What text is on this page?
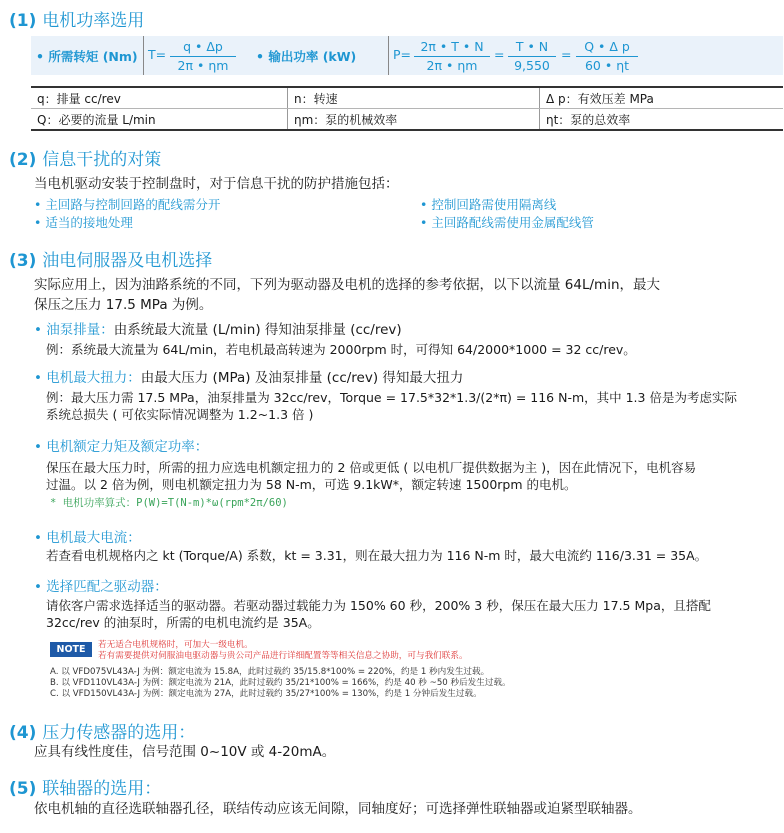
(1) 电机功率选用
• 所需转矩 (Nm) $T= \frac{q • \Delta p}{2\pi • \eta m}$ • 输出功率 (kW)	$P= \frac{2\pi • T • N}{2\pi • \eta m} = \frac{T • N}{9,550} = \frac{\text{Q • Δ p}}{60 • \eta t}$
q：排量 cc/rev	n：转速	Δ p：有效压差 MPa
Q：必要的流量 L/min	ηm：泵的机械效率	ηt：泵的总效率
(2) 信息干扰的对策
当电机驱动安装于控制盘时，对于信息干扰的防护措施包括：
• 主回路与控制回路的配线需分开	• 控制回路需使用隔离线
• 适当的接地处理	• 主回路配线需使用金属配线管
(3) 油电伺服器及电机选择
实际应用上，因为油路系统的不同，下列为驱动器及电机的选择的参考依据，以下以流量 64L/min，最大
保压之压力 17.5 MPa 为例。
• 油泵排量：由系统最大流量 (L/min) 得知油泵排量 (cc/rev)
例：系统最大流量为 64L/min，若电机最高转速为 2000rpm 时，可得知 64/2000*1000 = 32 cc/rev。
• 电机最大扭力：由最大压力 (MPa) 及油泵排量 (cc/rev) 得知最大扭力
例：最大压力需 17.5 MPa，油泵排量为 32cc/rev，Torque = 17.5*32*1.3/(2*π) = 116 N-m，其中 1.3 倍是为考虑实际
系统总损失 ( 可依实际情况调整为 1.2~1.3 倍 )
• 电机额定力矩及额定功率：
保压在最大压力时，所需的扭力应选电机额定扭力的 2 倍或更低 ( 以电机厂提供数据为主 )，因在此情况下，电机容易
过温。以 2 倍为例，则电机额定扭力为 58 N-m，可选 9.1kW*，额定转速 1500rpm 的电机。
* 电机功率算式：P(W)=T(N-m)*ω(rpm*2π/60)
• 电机最大电流：
若查看电机规格内之 kt (Torque/A) 系数，kt = 3.31，则在最大扭力为 116 N-m 时，最大电流约 116/3.31 = 35A。
• 选择匹配之驱动器：
请依客户需求选择适当的驱动器。若驱动器过载能力为 150% 60 秒，200% 3 秒，保压在最大压力 17.5 Mpa，且搭配
32cc/rev 的油泵时，所需的电机电流约是 35A。
NOTE	若无适合电机规格时，可加大一级电机。
若有需要提供对伺服油电驱动器与贵公司产品进行详细配置等等相关信息之协助，可与我们联系。
A. 以 VFD075VL43A-J 为例：额定电流为 15.8A，此时过载约 35/15.8*100% = 220%，约是 1 秒内发生过载。
B. 以 VFD110VL43A-J 为例：额定电流为 21A，此时过载约 35/21*100% = 166%，约是 40 秒 ~50 秒后发生过载。
C. 以 VFD150VL43A-J 为例：额定电流为 27A，此时过载约 35/27*100% = 130%，约是 1 分钟后发生过载。
(4) 压力传感器的选用：
应具有线性度佳，信号范围 0~10V 或 4-20mA。
(5) 联轴器的选用：
依电机轴的直径选联轴器孔径，联结传动应该无间隙，同轴度好；可选择弹性联轴器或迫紧型联轴器。
